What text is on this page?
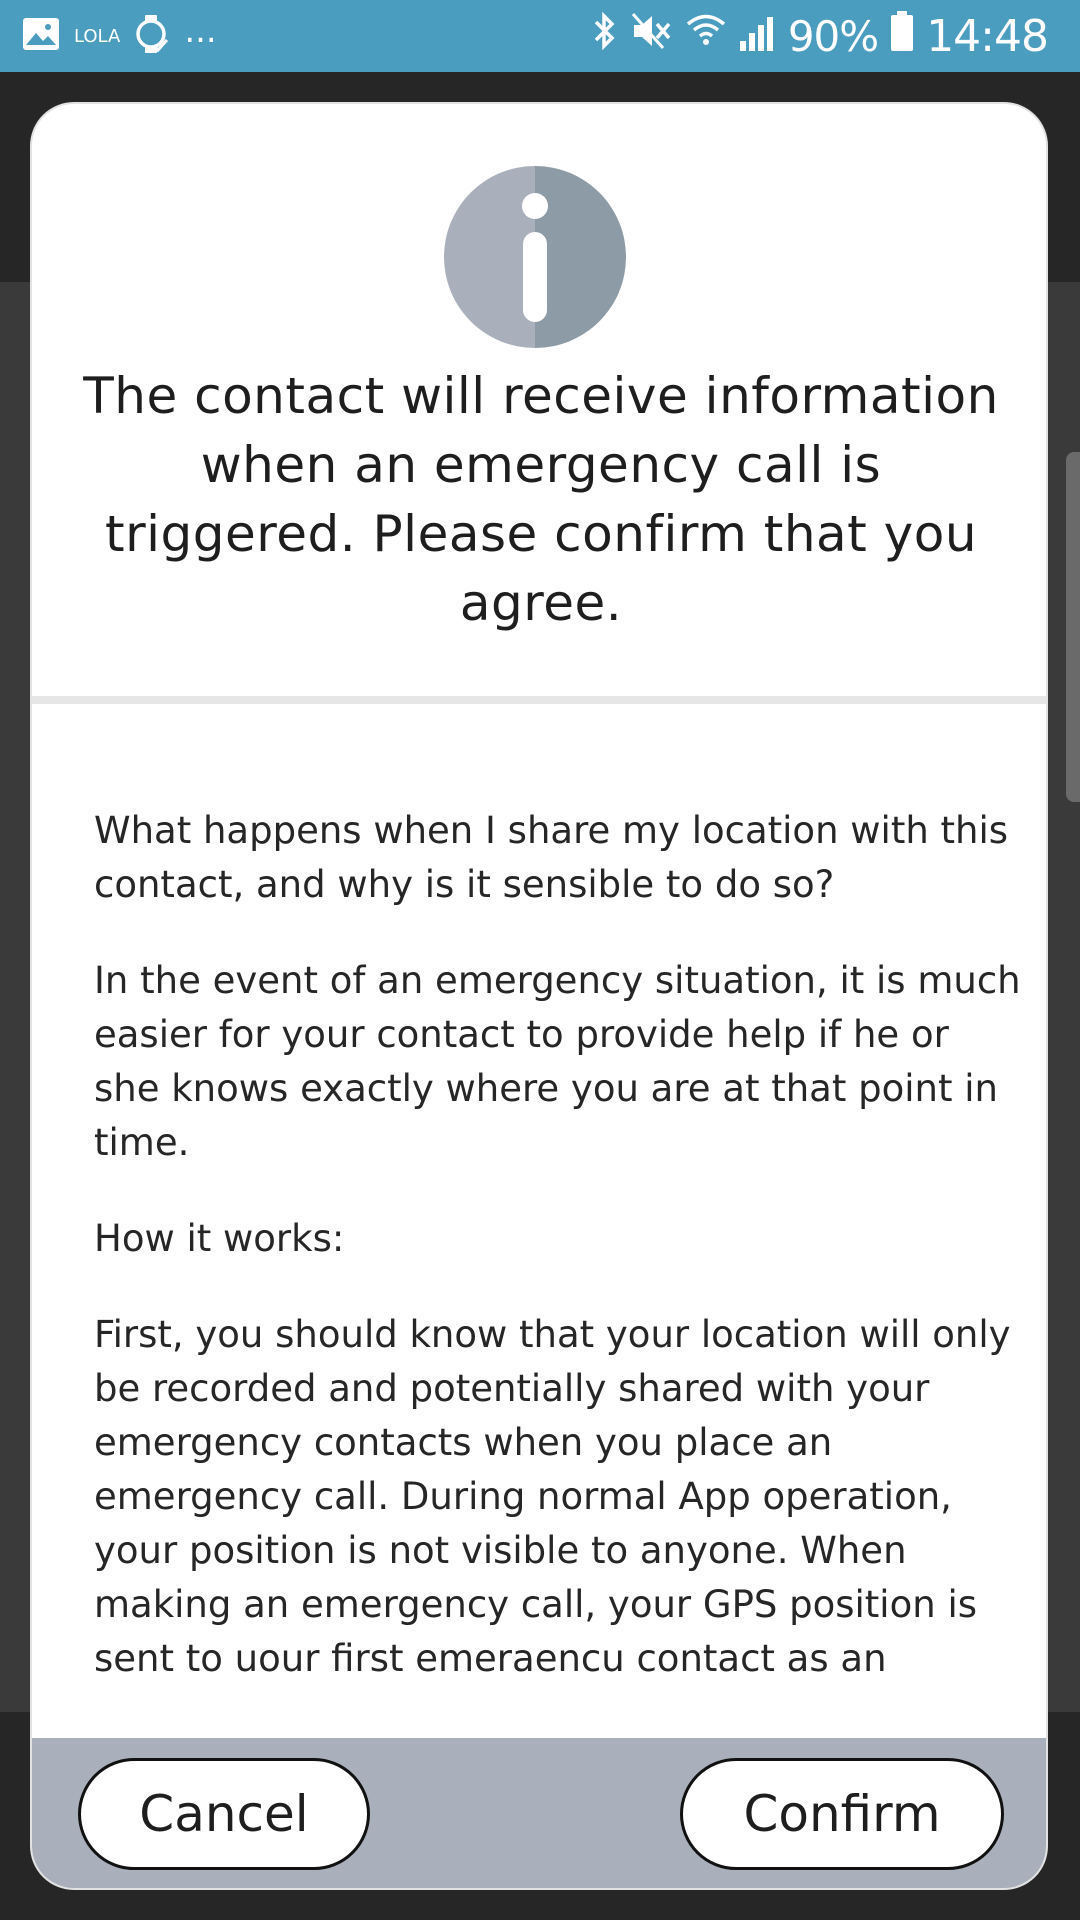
LOLA ...	90% 14:48
The contact will receive information when an emergency call is triggered. Please confirm that you agree.

What happens when I share my location with this contact, and why is it sensible to do so?

In the event of an emergency situation, it is much easier for your contact to provide help if he or she knows exactly where you are at that point in time.

How it works:

First, you should know that your location will only be recorded and potentially shared with your emergency contacts when you place an emergency call. During normal App operation, your position is not visible to anyone. When making an emergency call, your GPS position is sent to uour first emeraencu contact as an

Cancel	Confirm
